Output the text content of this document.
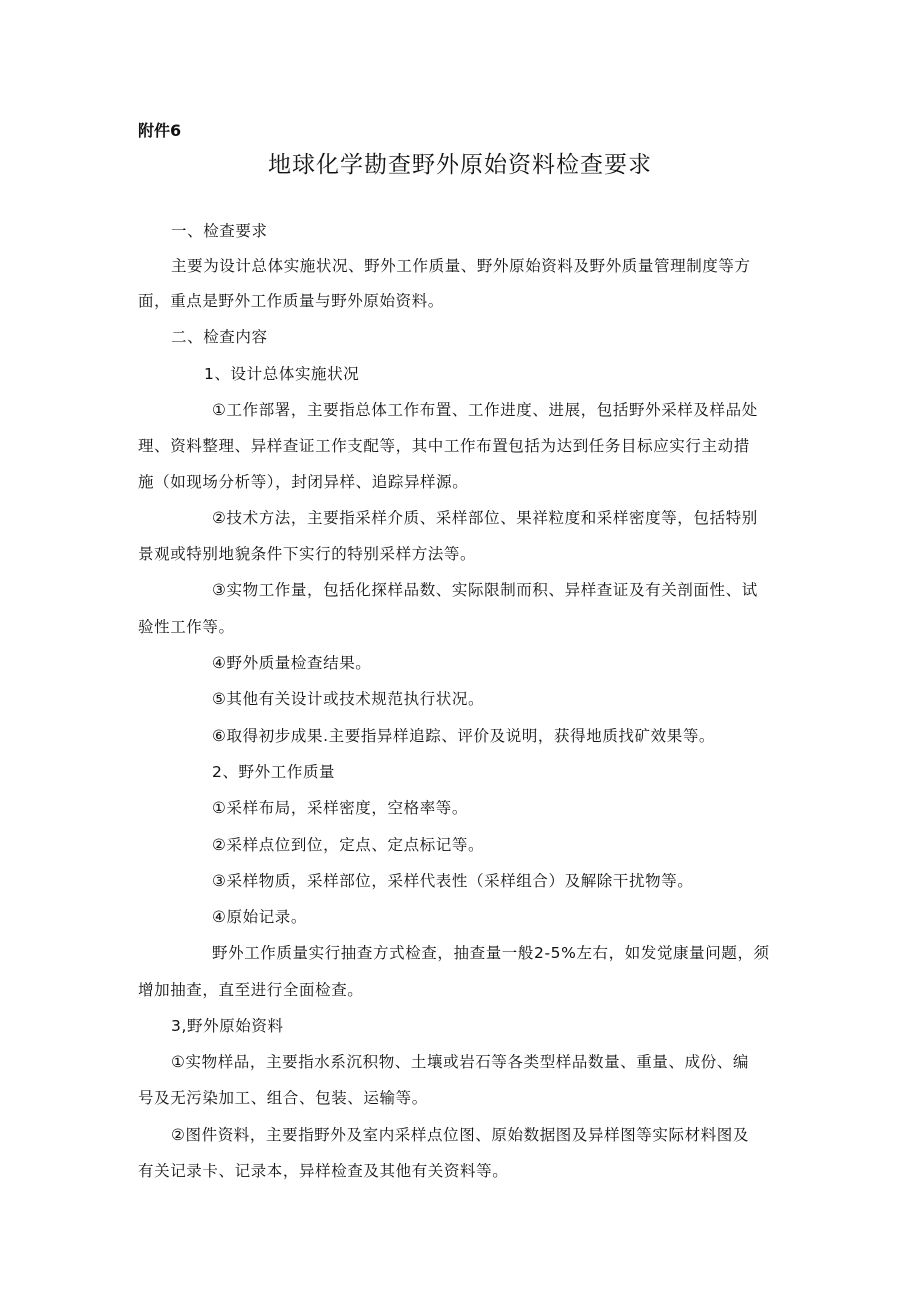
附件6
地球化学勘查野外原始资料检查要求
一、检查要求
主要为设计总体实施状况、野外工作质量、野外原始资料及野外质量管理制度等方
面，重点是野外工作质量与野外原始资料。
二、检查内容
1、设计总体实施状况
①工作部署，主要指总体工作布置、工作进度、进展，包括野外采样及样品处
理、资料整理、异样查证工作支配等，其中工作布置包括为达到任务目标应实行主动措
施（如现场分析等），封闭异样、追踪异样源。
②技术方法，主要指采样介质、采样部位、果祥粒度和采样密度等，包括特别
景观或特别地貌条件下实行的特别采样方法等。
③实物工作量，包括化探样品数、实际限制而积、异样查证及有关剖面性、试
验性工作等。
④野外质量检查结果。
⑤其他有关设计或技术规范执行状况。
⑥取得初步成果.主要指异样追踪、评价及说明，获得地质找矿效果等。
2、野外工作质量
①采样布局，采样密度，空格率等。
②采样点位到位，定点、定点标记等。
③采样物质，采样部位，采样代表性（采样组合）及解除干扰物等。
④原始记录。
野外工作质量实行抽查方式检查，抽查量一般2-5%左右，如发觉康量问题，须
增加抽查，直至进行全面检查。
3,野外原始资料
①实物样品，主要指水系沉积物、土壤或岩石等各类型样品数量、重量、成份、编
号及无污染加工、组合、包装、运输等。
②图件资料，主要指野外及室内采样点位图、原始数据图及异样图等实际材料图及
有关记录卡、记录本，异样检查及其他有关资料等。
